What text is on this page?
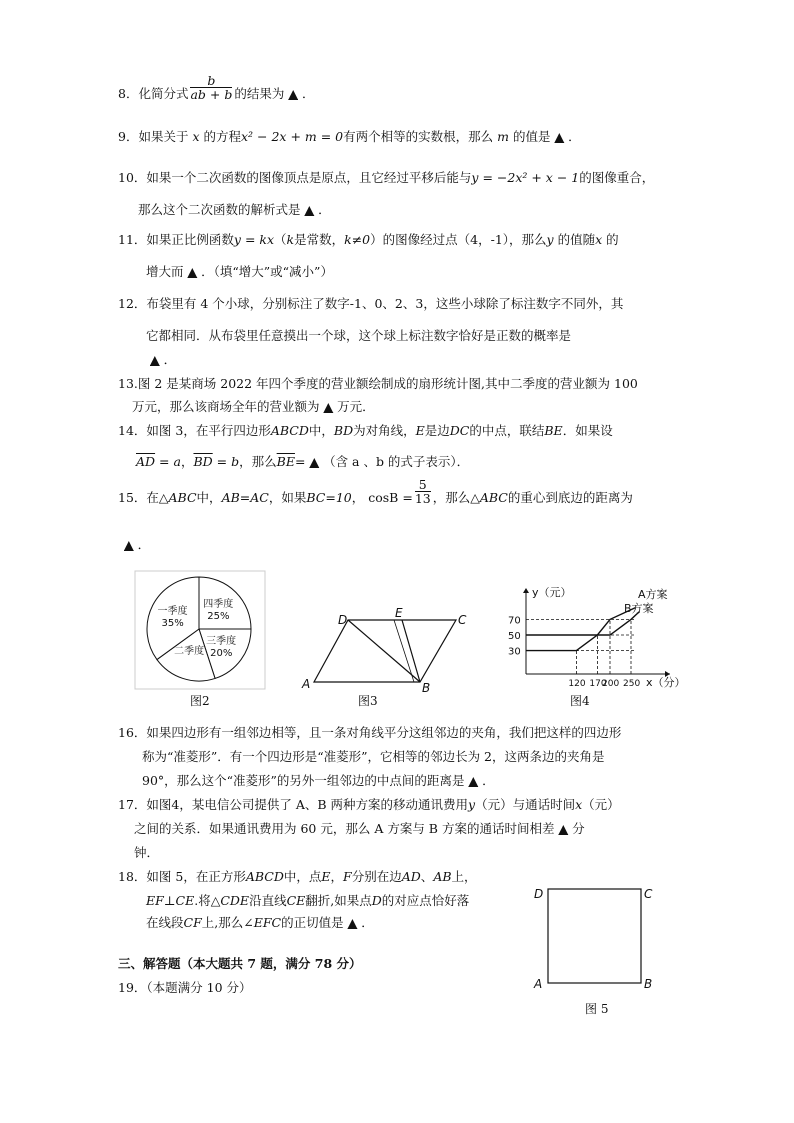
8．化简分式 $\frac{b}{ab + b}$ 的结果为 ▲ ．
9．如果关于 x 的方程x² − 2x + m = 0有两个相等的实数根，那么 m 的值是 ▲ ．
10．如果一个二次函数的图像顶点是原点，且它经过平移后能与y = −2x² + x − 1的图像重合，
那么这个二次函数的解析式是 ▲ ．
11．如果正比例函数y = kx（k是常数，k≠0）的图像经过点（4，-1），那么y 的值随x 的
增大而 ▲ ．（填“增大”或“减小”）
12．布袋里有 4 个小球，分别标注了数字-1、0、2、3，这些小球除了标注数字不同外，其
它都相同．从布袋里任意摸出一个球，这个球上标注数字恰好是正数的概率是
▲ ．
13.图 2 是某商场 2022 年四个季度的营业额绘制成的扇形统计图,其中二季度的营业额为 100
万元，那么该商场全年的营业额为 ▲ 万元．
14．如图 3，在平行四边形ABCD中，BD为对角线，E是边DC的中点，联结BE．如果设
$\overline{AD} = a$，$\overline{BD} = b$，那么$\overline{BE}=$ ▲ （含 a 、b 的式子表示）．
15．在△ABC中，AB=AC，如果BC=10， $\cos B = \frac{5}{13}$ ，那么△ABC的重心到底边的距离为
▲ ．
四季度
25%
三季度
20%
二季度
一季度
35%
图2
D	E	C
A	B
图3
30
50
70
120 170
200 250
y（元）
x（分）
A方案
B方案
图4
16．如果四边形有一组邻边相等，且一条对角线平分这组邻边的夹角，我们把这样的四边形
称为“准菱形”．有一个四边形是“准菱形”，它相等的邻边长为 2，这两条边的夹角是
90°，那么这个“准菱形”的另外一组邻边的中点间的距离是 ▲ ．
17．如图4，某电信公司提供了 A、B 两种方案的移动通讯费用y（元）与通话时间x（元）
之间的关系．如果通讯费用为 60 元，那么 A 方案与 B 方案的通话时间相差 ▲ 分
钟．
18．如图 5，在正方形ABCD中，点E，F分别在边AD、AB上，
EF⊥CE.将△CDE沿直线CE翻折,如果点D的对应点恰好落
在线段CF上,那么∠EFC的正切值是 ▲ ．
D	C
A	B
图 5
三、解答题（本大题共 7 题，满分 78 分）
19．（本题满分 10 分）
